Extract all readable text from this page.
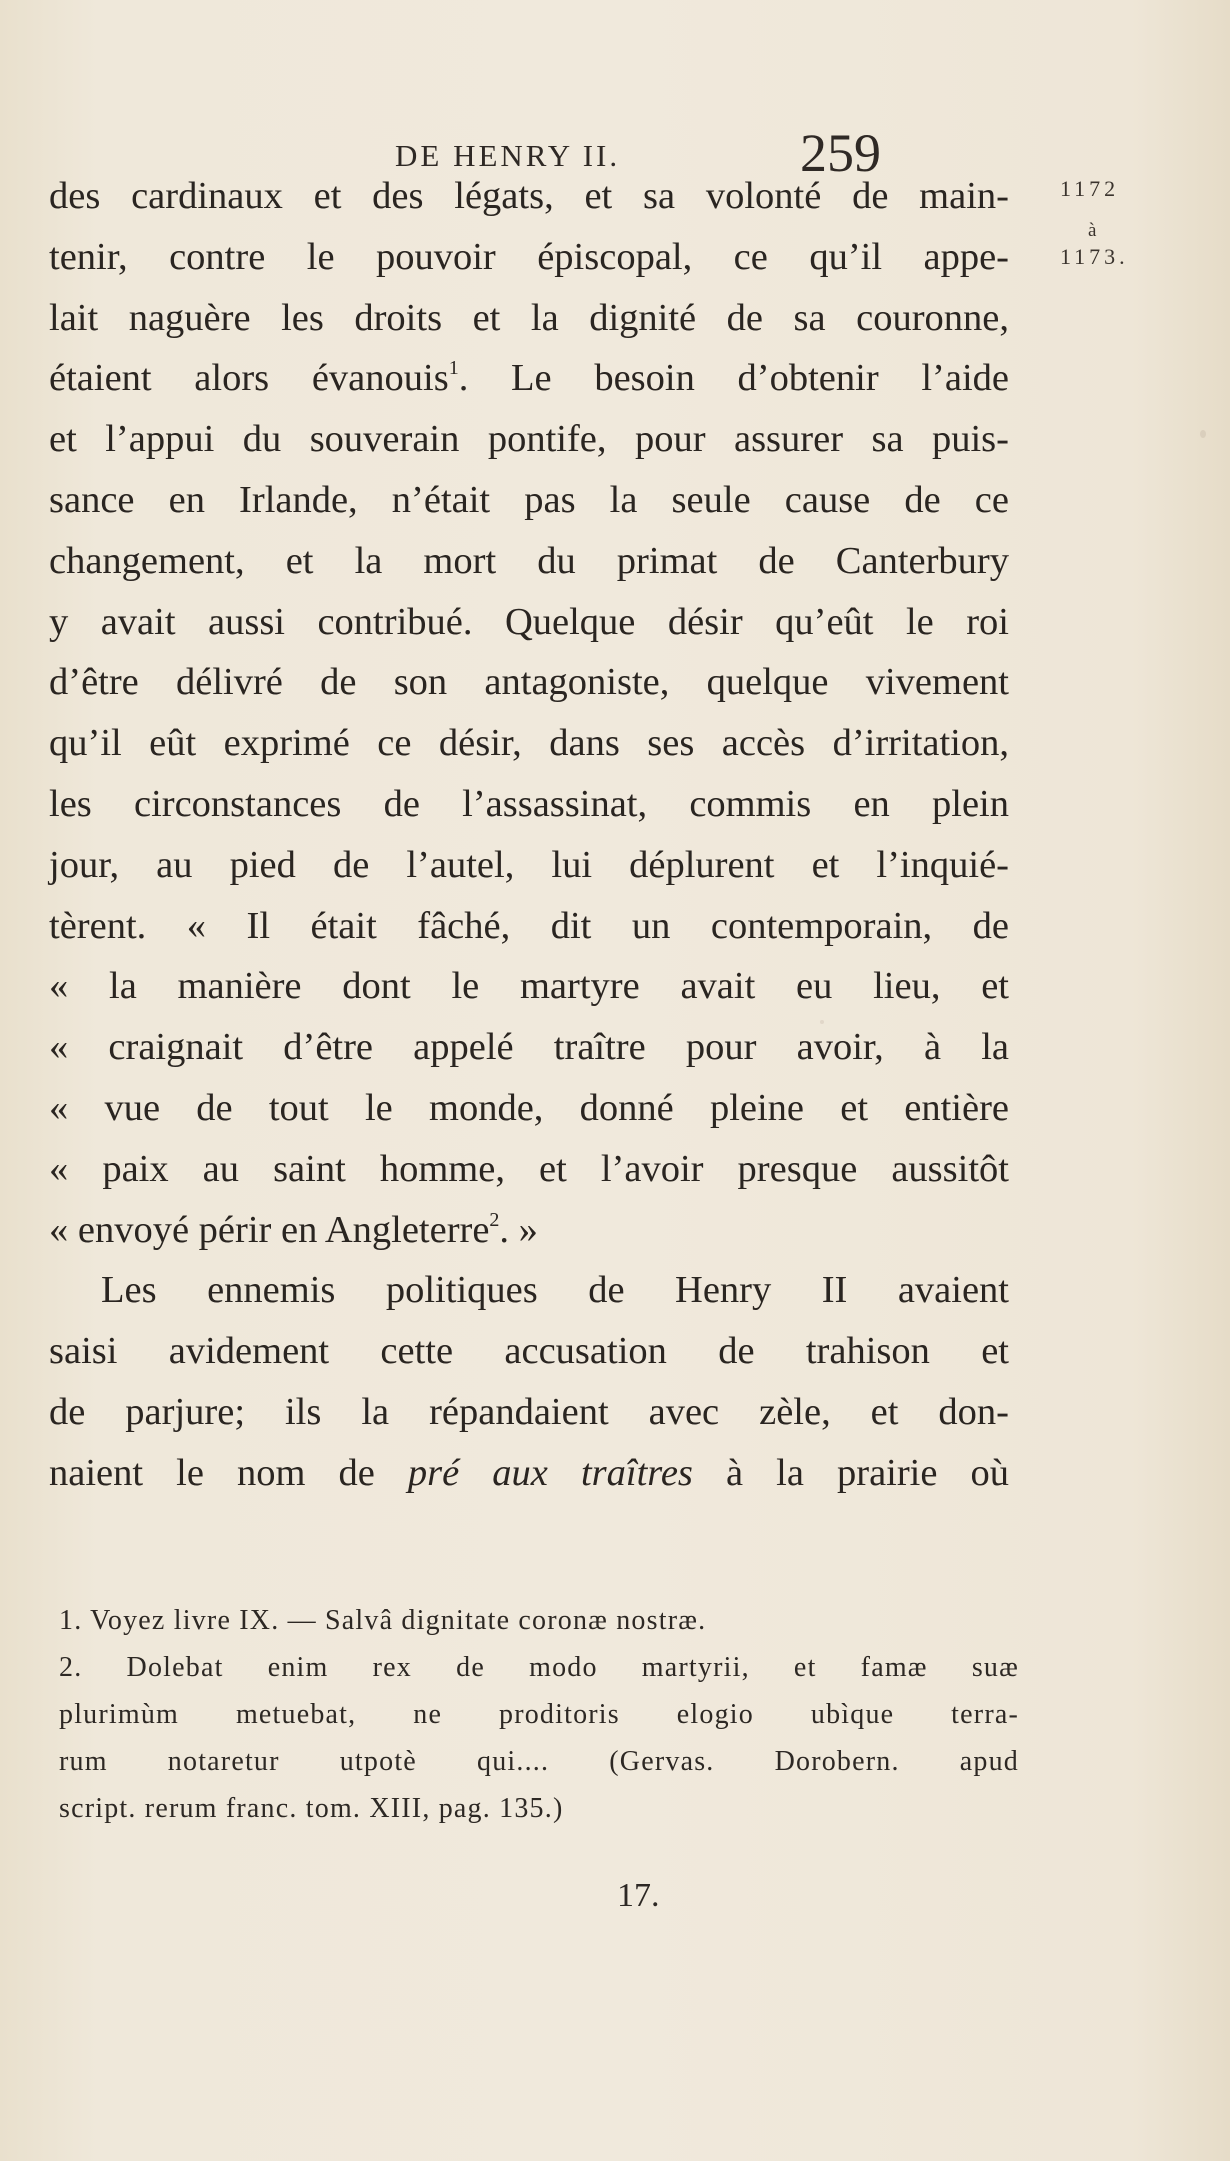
DE HENRY II.	259
1172
à
1173.
des cardinaux et des légats, et sa volonté de main-
tenir, contre le pouvoir épiscopal, ce qu’il appe-
lait naguère les droits et la dignité de sa couronne,
étaient alors évanouis$^1$. Le besoin d’obtenir l’aide
et l’appui du souverain pontife, pour assurer sa puis-
sance en Irlande, n’était pas la seule cause de ce
changement, et la mort du primat de Canterbury
y avait aussi contribué. Quelque désir qu’eût le roi
d’être délivré de son antagoniste, quelque vivement
qu’il eût exprimé ce désir, dans ses accès d’irritation,
les circonstances de l’assassinat, commis en plein
jour, au pied de l’autel, lui déplurent et l’inquié-
tèrent. « Il était fâché, dit un contemporain, de
« la manière dont le martyre avait eu lieu, et
« craignait d’être appelé traître pour avoir, à la
« vue de tout le monde, donné pleine et entière
« paix au saint homme, et l’avoir presque aussitôt
« envoyé périr en Angleterre$^2$. »
Les ennemis politiques de Henry II avaient
saisi avidement cette accusation de trahison et
de parjure; ils la répandaient avec zèle, et don-
naient le nom de pré aux traîtres à la prairie où
1. Voyez livre IX. — Salvâ dignitate coronæ nostræ.
2. Dolebat enim rex de modo martyrii, et famæ suæ
plurimùm metuebat, ne proditoris elogio ubìque terra-
rum notaretur utpotè qui.... (Gervas. Dorobern. apud
script. rerum franc. tom. XIII, pag. 135.)
17.
